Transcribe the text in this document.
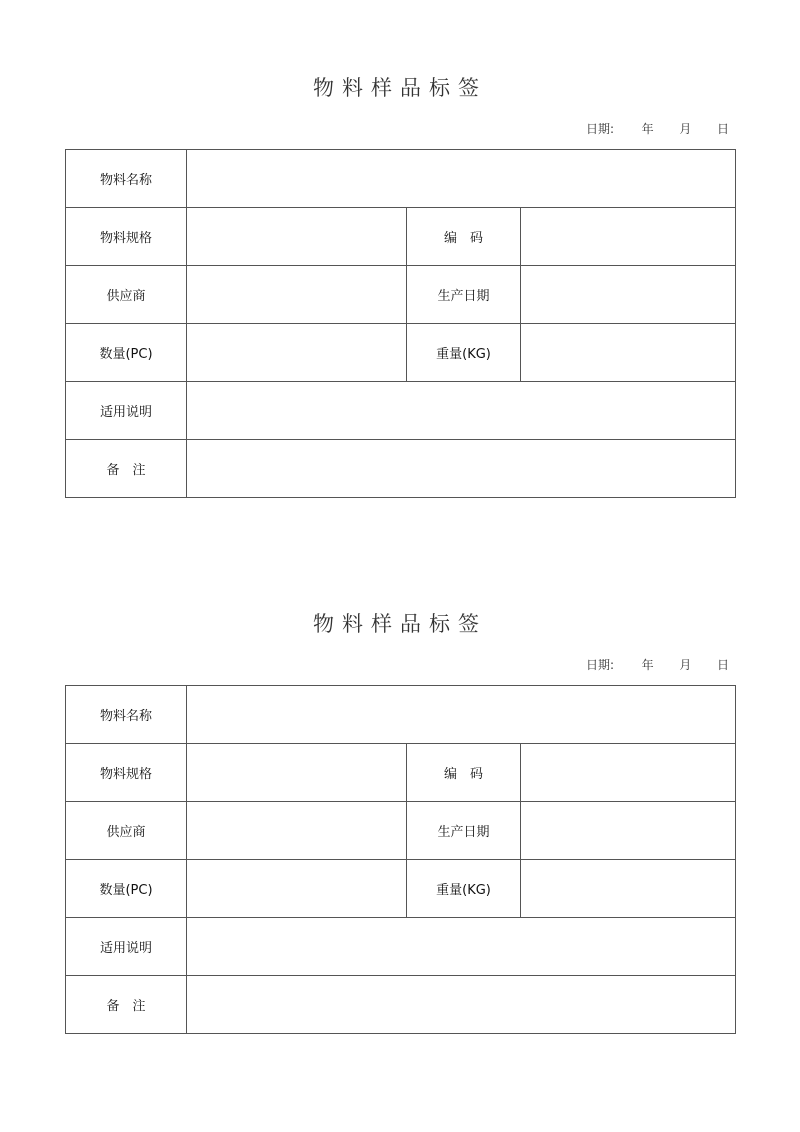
物料样品标签
日期: 年 月 日
物料名称			
物料规格		编　码	
供应商		生产日期	
数量(PC)		重量(KG)	
适用说明			
备　注			
物料样品标签
日期: 年 月 日
物料名称			
物料规格		编　码	
供应商		生产日期	
数量(PC)		重量(KG)	
适用说明			
备　注			
